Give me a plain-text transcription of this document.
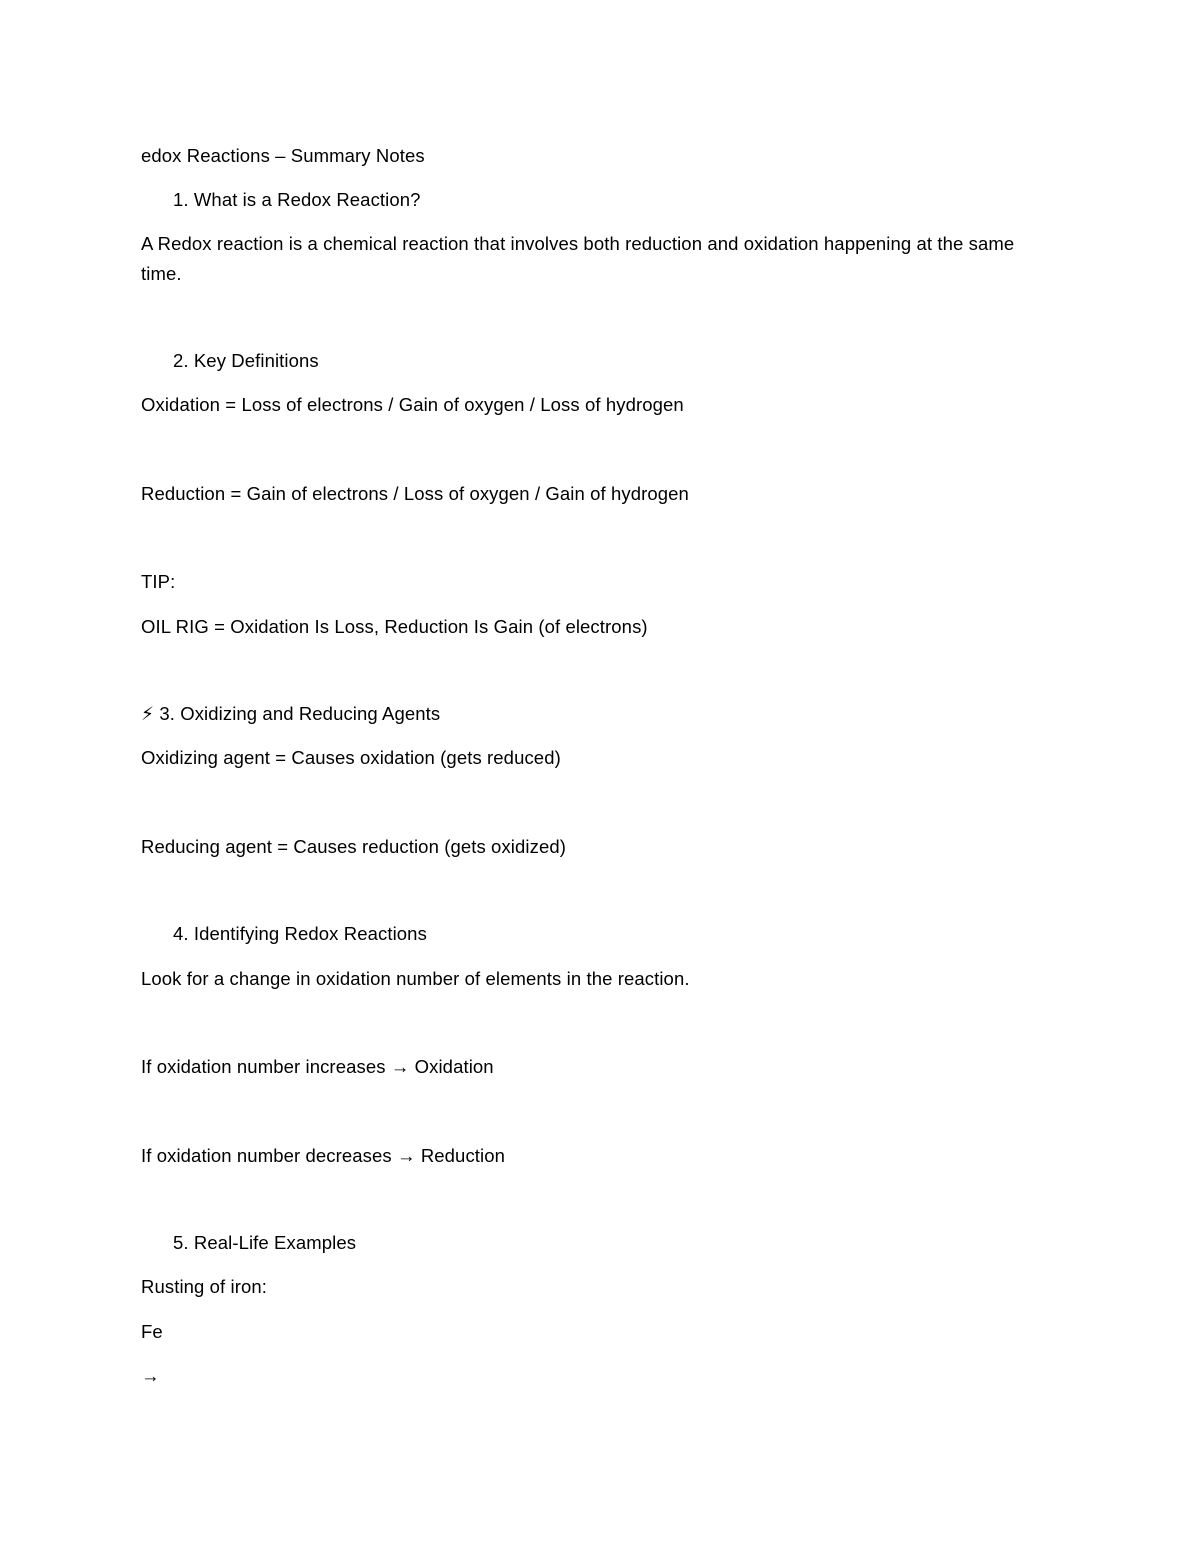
edox Reactions – Summary Notes
1. What is a Redox Reaction?
A Redox reaction is a chemical reaction that involves both reduction and oxidation happening at the same time.
2. Key Definitions
Oxidation = Loss of electrons / Gain of oxygen / Loss of hydrogen
Reduction = Gain of electrons / Loss of oxygen / Gain of hydrogen
TIP:
OIL RIG = Oxidation Is Loss, Reduction Is Gain (of electrons)
⚡ 3. Oxidizing and Reducing Agents
Oxidizing agent = Causes oxidation (gets reduced)
Reducing agent = Causes reduction (gets oxidized)
4. Identifying Redox Reactions
Look for a change in oxidation number of elements in the reaction.
If oxidation number increases → Oxidation
If oxidation number decreases → Reduction
5. Real-Life Examples
Rusting of iron:
Fe
→
